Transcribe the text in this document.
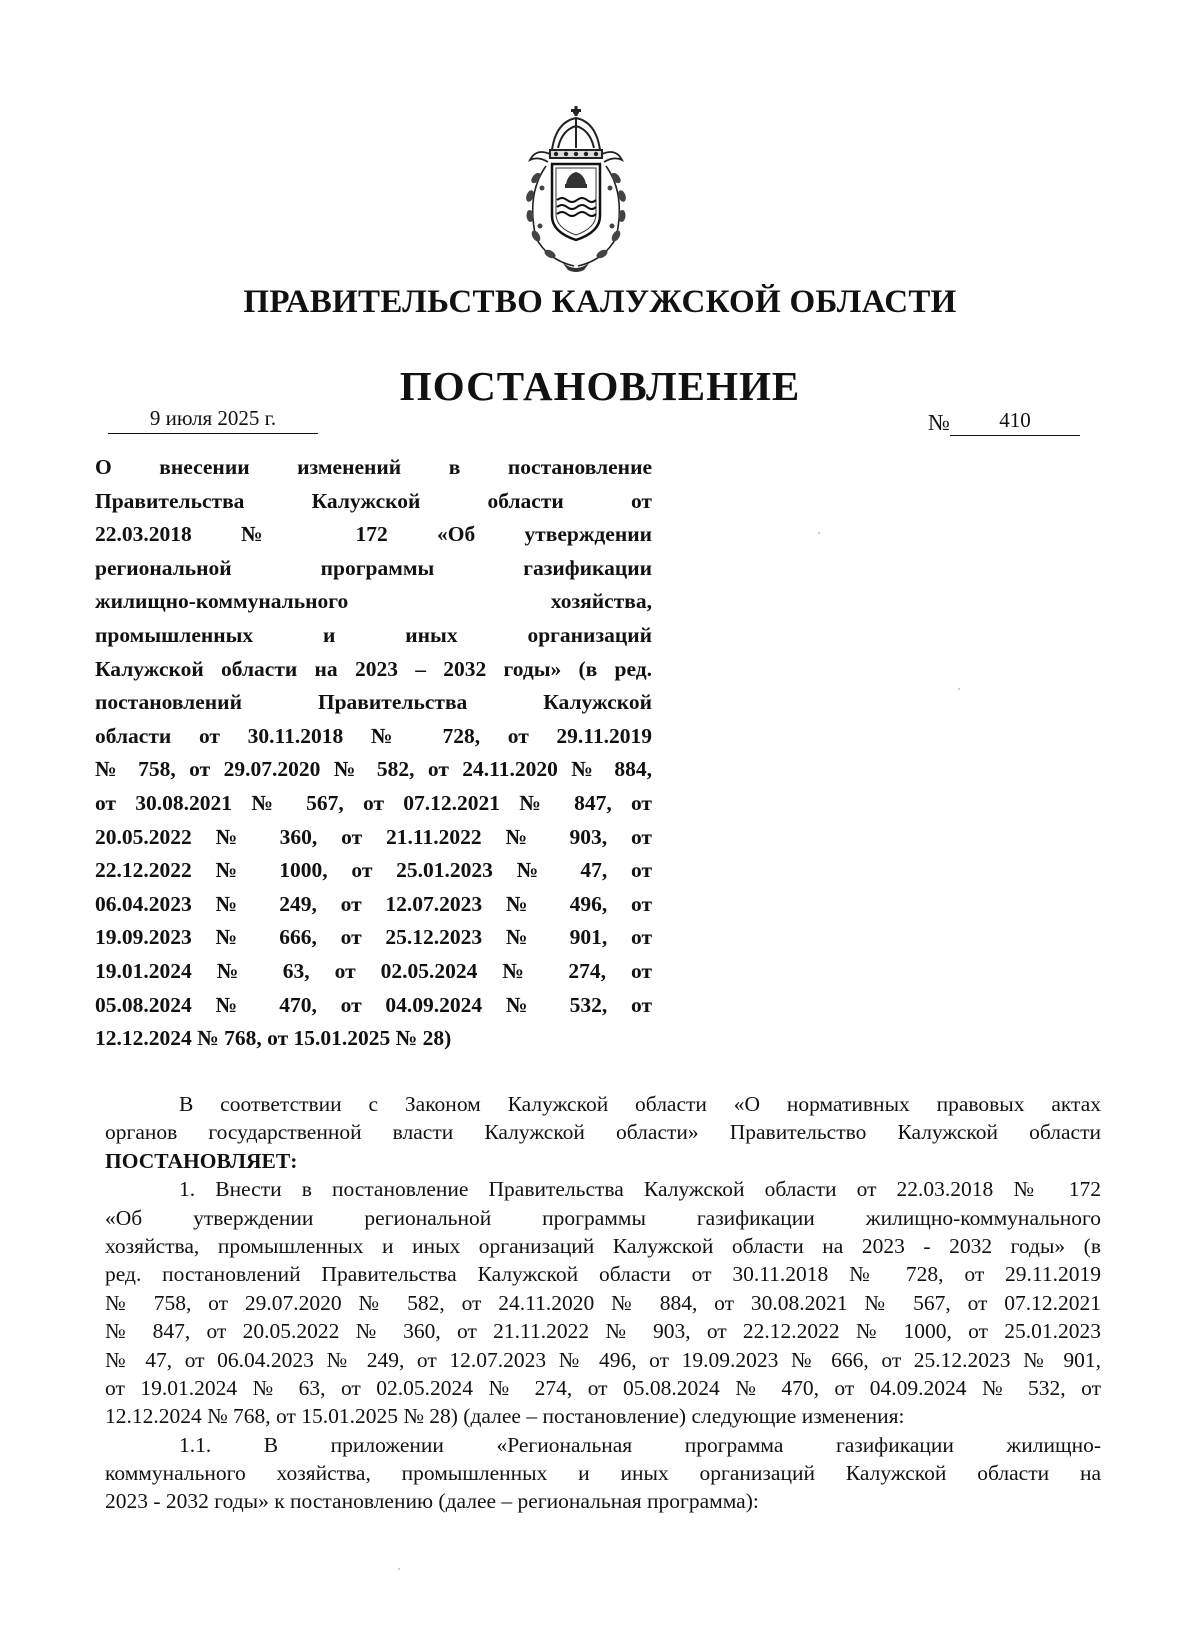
ПРАВИТЕЛЬСТВО КАЛУЖСКОЙ ОБЛАСТИ
ПОСТАНОВЛЕНИЕ
9 июля 2025 г.	№ 410
О внесении изменений в постановление
Правительства Калужской области от
22.03.2018 № 172 «Об утверждении
региональной программы газификации
жилищно-коммунального хозяйства,
промышленных и иных организаций
Калужской области на 2023 – 2032 годы» (в ред.
постановлений Правительства Калужской
области от 30.11.2018 № 728, от 29.11.2019
№ 758, от 29.07.2020 № 582, от 24.11.2020 № 884,
от 30.08.2021 № 567, от 07.12.2021 № 847, от
20.05.2022 № 360, от 21.11.2022 № 903, от
22.12.2022 № 1000, от 25.01.2023 № 47, от
06.04.2023 № 249, от 12.07.2023 № 496, от
19.09.2023 № 666, от 25.12.2023 № 901, от
19.01.2024 № 63, от 02.05.2024 № 274, от
05.08.2024 № 470, от 04.09.2024 № 532, от
12.12.2024 № 768, от 15.01.2025 № 28)
В соответствии с Законом Калужской области «О нормативных правовых актах
органов государственной власти Калужской области» Правительство Калужской области
ПОСТАНОВЛЯЕТ:
1. Внести в постановление Правительства Калужской области от 22.03.2018 № 172
«Об утверждении региональной программы газификации жилищно-коммунального
хозяйства, промышленных и иных организаций Калужской области на 2023 - 2032 годы» (в
ред. постановлений Правительства Калужской области от 30.11.2018 № 728, от 29.11.2019
№ 758, от 29.07.2020 № 582, от 24.11.2020 № 884, от 30.08.2021 № 567, от 07.12.2021
№ 847, от 20.05.2022 № 360, от 21.11.2022 № 903, от 22.12.2022 № 1000, от 25.01.2023
№ 47, от 06.04.2023 № 249, от 12.07.2023 № 496, от 19.09.2023 № 666, от 25.12.2023 № 901,
от 19.01.2024 № 63, от 02.05.2024 № 274, от 05.08.2024 № 470, от 04.09.2024 № 532, от
12.12.2024 № 768, от 15.01.2025 № 28) (далее – постановление) следующие изменения:
1.1. В приложении «Региональная программа газификации жилищно-
коммунального хозяйства, промышленных и иных организаций Калужской области на
2023 - 2032 годы» к постановлению (далее – региональная программа):
